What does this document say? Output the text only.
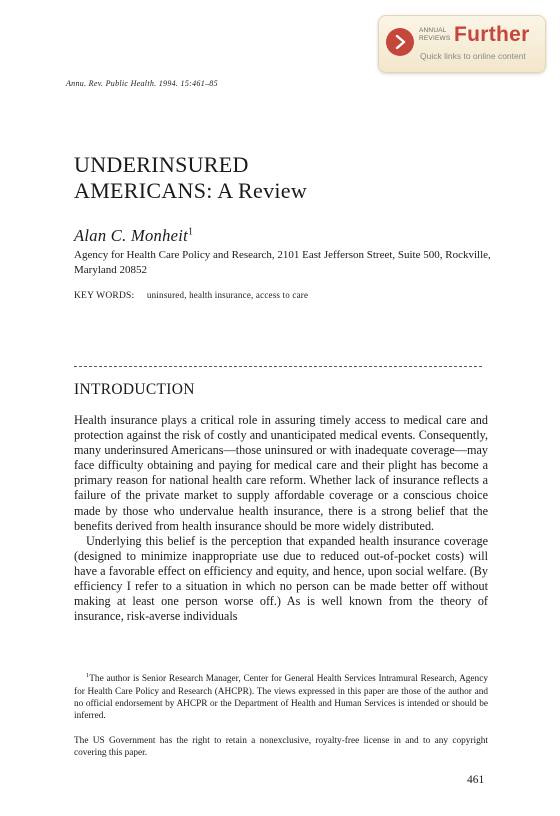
ANNUAL
REVIEWS Further
Quick links to online content
Annu. Rev. Public Health. 1994. 15:461–85
UNDERINSURED
AMERICANS: A Review
Alan C. Monheit$^1$
Agency for Health Care Policy and Research, 2101 East Jefferson Street, Suite 500, Rockville, Maryland 20852
KEY WORDS: uninsured, health insurance, access to care
INTRODUCTION

Health insurance plays a critical role in assuring timely access to medical care and protection against the risk of costly and unanticipated medical events. Consequently, many underinsured Americans—those uninsured or with inadequate coverage—may face difficulty obtaining and paying for medical care and their plight has become a primary reason for national health care reform. Whether lack of insurance reflects a failure of the private market to supply affordable coverage or a conscious choice made by those who undervalue health insurance, there is a strong belief that the benefits derived from health insurance should be more widely distributed.

Underlying this belief is the perception that expanded health insurance coverage (designed to minimize inappropriate use due to reduced out-of-pocket costs) will have a favorable effect on efficiency and equity, and hence, upon social welfare. (By efficiency I refer to a situation in which no person can be made better off without making at least one person worse off.) As is well known from the theory of insurance, risk-averse individuals

$^1$The author is Senior Research Manager, Center for General Health Services Intramural Research, Agency for Health Care Policy and Research (AHCPR). The views expressed in this paper are those of the author and no official endorsement by AHCPR or the Department of Health and Human Services is intended or should be inferred.

The US Government has the right to retain a nonexclusive, royalty-free license in and to any copyright covering this paper.

461
